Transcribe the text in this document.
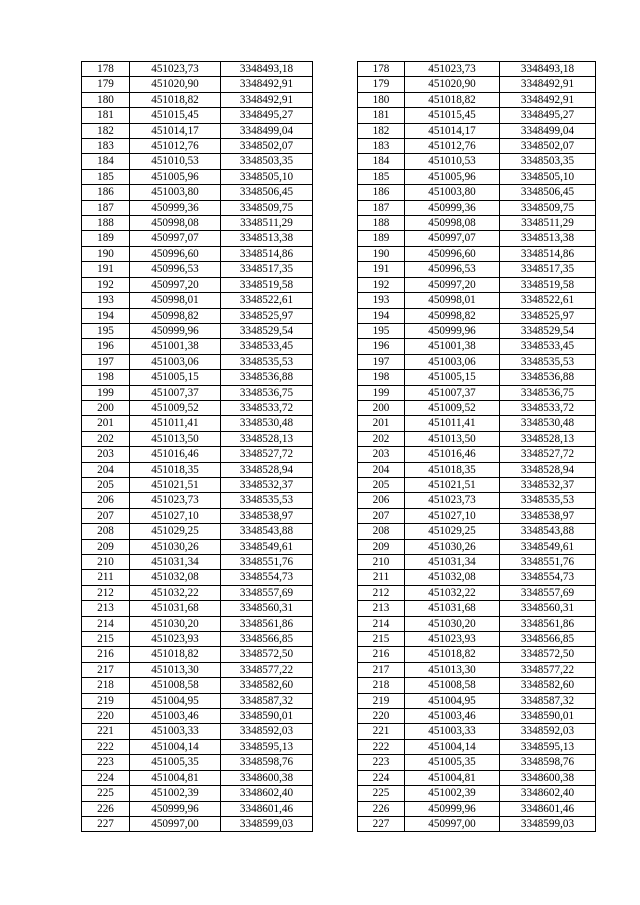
178	451023,73	3348493,18		178	451023,73	3348493,18
179	451020,90	3348492,91		179	451020,90	3348492,91
180	451018,82	3348492,91		180	451018,82	3348492,91
181	451015,45	3348495,27		181	451015,45	3348495,27
182	451014,17	3348499,04		182	451014,17	3348499,04
183	451012,76	3348502,07		183	451012,76	3348502,07
184	451010,53	3348503,35		184	451010,53	3348503,35
185	451005,96	3348505,10		185	451005,96	3348505,10
186	451003,80	3348506,45		186	451003,80	3348506,45
187	450999,36	3348509,75		187	450999,36	3348509,75
188	450998,08	3348511,29		188	450998,08	3348511,29
189	450997,07	3348513,38		189	450997,07	3348513,38
190	450996,60	3348514,86		190	450996,60	3348514,86
191	450996,53	3348517,35		191	450996,53	3348517,35
192	450997,20	3348519,58		192	450997,20	3348519,58
193	450998,01	3348522,61		193	450998,01	3348522,61
194	450998,82	3348525,97		194	450998,82	3348525,97
195	450999,96	3348529,54		195	450999,96	3348529,54
196	451001,38	3348533,45		196	451001,38	3348533,45
197	451003,06	3348535,53		197	451003,06	3348535,53
198	451005,15	3348536,88		198	451005,15	3348536,88
199	451007,37	3348536,75		199	451007,37	3348536,75
200	451009,52	3348533,72		200	451009,52	3348533,72
201	451011,41	3348530,48		201	451011,41	3348530,48
202	451013,50	3348528,13		202	451013,50	3348528,13
203	451016,46	3348527,72		203	451016,46	3348527,72
204	451018,35	3348528,94		204	451018,35	3348528,94
205	451021,51	3348532,37		205	451021,51	3348532,37
206	451023,73	3348535,53		206	451023,73	3348535,53
207	451027,10	3348538,97		207	451027,10	3348538,97
208	451029,25	3348543,88		208	451029,25	3348543,88
209	451030,26	3348549,61		209	451030,26	3348549,61
210	451031,34	3348551,76		210	451031,34	3348551,76
211	451032,08	3348554,73		211	451032,08	3348554,73
212	451032,22	3348557,69		212	451032,22	3348557,69
213	451031,68	3348560,31		213	451031,68	3348560,31
214	451030,20	3348561,86		214	451030,20	3348561,86
215	451023,93	3348566,85		215	451023,93	3348566,85
216	451018,82	3348572,50		216	451018,82	3348572,50
217	451013,30	3348577,22		217	451013,30	3348577,22
218	451008,58	3348582,60		218	451008,58	3348582,60
219	451004,95	3348587,32		219	451004,95	3348587,32
220	451003,46	3348590,01		220	451003,46	3348590,01
221	451003,33	3348592,03		221	451003,33	3348592,03
222	451004,14	3348595,13		222	451004,14	3348595,13
223	451005,35	3348598,76		223	451005,35	3348598,76
224	451004,81	3348600,38		224	451004,81	3348600,38
225	451002,39	3348602,40		225	451002,39	3348602,40
226	450999,96	3348601,46		226	450999,96	3348601,46
227	450997,00	3348599,03		227	450997,00	3348599,03
